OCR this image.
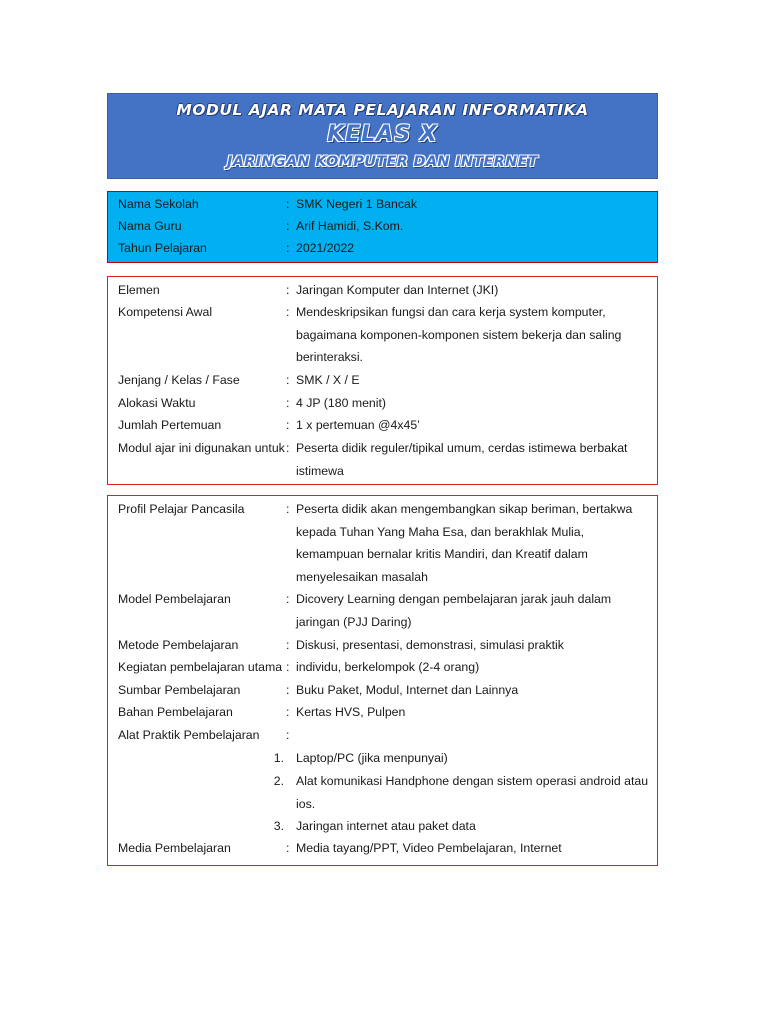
MODUL AJAR MATA PELAJARAN INFORMATIKA
KELAS X
JARINGAN KOMPUTER DAN INTERNET
Nama Sekolah	: SMK Negeri 1 Bancak
Nama Guru	: Arif Hamidi, S.Kom.
Tahun Pelajaran	: 2021/2022
Elemen	: Jaringan Komputer dan Internet (JKI)
Kompetensi Awal	: Mendeskripsikan fungsi dan cara kerja system komputer, bagaimana komponen-komponen sistem bekerja dan saling berinteraksi.
Jenjang / Kelas / Fase	: SMK / X / E
Alokasi Waktu	: 4 JP (180 menit)
Jumlah Pertemuan	: 1 x pertemuan @4x45’
Modul ajar ini digunakan untuk : Peserta didik reguler/tipikal umum, cerdas istimewa berbakat istimewa
Profil Pelajar Pancasila	: Peserta didik akan mengembangkan sikap beriman, bertakwa kepada Tuhan Yang Maha Esa, dan berakhlak Mulia, kemampuan bernalar kritis Mandiri, dan Kreatif dalam menyelesaikan masalah
Model Pembelajaran	: Dicovery Learning dengan pembelajaran jarak jauh dalam jaringan (PJJ Daring)
Metode Pembelajaran	: Diskusi, presentasi, demonstrasi, simulasi praktik
Kegiatan pembelajaran utama : individu, berkelompok (2-4 orang)
Sumbar Pembelajaran	: Buku Paket, Modul, Internet dan Lainnya
Bahan Pembelajaran	: Kertas HVS, Pulpen
Alat Praktik Pembelajaran :
1. Laptop/PC (jika menpunyai)
2. Alat komunikasi Handphone dengan sistem operasi android atau ios.
3. Jaringan internet atau paket data
Media Pembelajaran	: Media tayang/PPT, Video Pembelajaran, Internet
